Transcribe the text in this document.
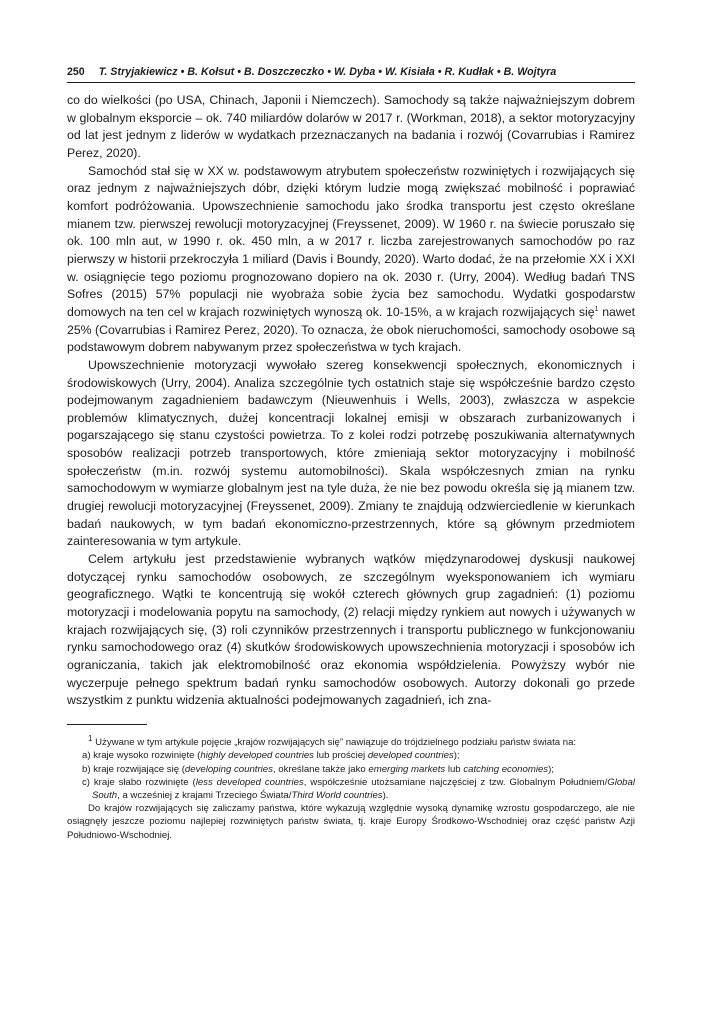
250 T. Stryjakiewicz • B. Kołsut • B. Doszczeczko • W. Dyba • W. Kisiała • R. Kudłak • B. Wojtyra

co do wielkości (po USA, Chinach, Japonii i Niemczech). Samochody są także najważniejszym dobrem w globalnym eksporcie – ok. 740 miliardów dolarów w 2017 r. (Workman, 2018), a sektor motoryzacyjny od lat jest jednym z liderów w wydatkach przeznaczanych na badania i rozwój (Covarrubias i Ramirez Perez, 2020).

Samochód stał się w XX w. podstawowym atrybutem społeczeństw rozwiniętych i rozwijających się oraz jednym z najważniejszych dóbr, dzięki którym ludzie mogą zwiększać mobilność i poprawiać komfort podróżowania. Upowszechnienie samochodu jako środka transportu jest często określane mianem tzw. pierwszej rewolucji motoryzacyjnej (Freyssenet, 2009). W 1960 r. na świecie poruszało się ok. 100 mln aut, w 1990 r. ok. 450 mln, a w 2017 r. liczba zarejestrowanych samochodów po raz pierwszy w historii przekroczyła 1 miliard (Davis i Boundy, 2020). Warto dodać, że na przełomie XX i XXI w. osiągnięcie tego poziomu prognozowano dopiero na ok. 2030 r. (Urry, 2004). Według badań TNS Sofres (2015) 57% populacji nie wyobraża sobie życia bez samochodu. Wydatki gospodarstw domowych na ten cel w krajach rozwiniętych wynoszą ok. 10-15%, a w krajach rozwijających się$^1$ nawet 25% (Covarrubias i Ramirez Perez, 2020). To oznacza, że obok nieruchomości, samochody osobowe są podstawowym dobrem nabywanym przez społeczeństwa w tych krajach.

Upowszechnienie motoryzacji wywołało szereg konsekwencji społecznych, ekonomicznych i środowiskowych (Urry, 2004). Analiza szczególnie tych ostatnich staje się współcześnie bardzo często podejmowanym zagadnieniem badawczym (Nieuwenhuis i Wells, 2003), zwłaszcza w aspekcie problemów klimatycznych, dużej koncentracji lokalnej emisji w obszarach zurbanizowanych i pogarszającego się stanu czystości powietrza. To z kolei rodzi potrzebę poszukiwania alternatywnych sposobów realizacji potrzeb transportowych, które zmieniają sektor motoryzacyjny i mobilność społeczeństw (m.in. rozwój systemu automobilności). Skala współczesnych zmian na rynku samochodowym w wymiarze globalnym jest na tyle duża, że nie bez powodu określa się ją mianem tzw. drugiej rewolucji motoryzacyjnej (Freyssenet, 2009). Zmiany te znajdują odzwierciedlenie w kierunkach badań naukowych, w tym badań ekonomiczno-przestrzennych, które są głównym przedmiotem zainteresowania w tym artykule.

Celem artykułu jest przedstawienie wybranych wątków międzynarodowej dyskusji naukowej dotyczącej rynku samochodów osobowych, ze szczególnym wyeksponowaniem ich wymiaru geograficznego. Wątki te koncentrują się wokół czterech głównych grup zagadnień: (1) poziomu motoryzacji i modelowania popytu na samochody, (2) relacji między rynkiem aut nowych i używanych w krajach rozwijających się, (3) roli czynników przestrzennych i transportu publicznego w funkcjonowaniu rynku samochodowego oraz (4) skutków środowiskowych upowszechnienia motoryzacji i sposobów ich ograniczania, takich jak elektromobilność oraz ekonomia współdzielenia. Powyższy wybór nie wyczerpuje pełnego spektrum badań rynku samochodów osobowych. Autorzy dokonali go przede wszystkim z punktu widzenia aktualności podejmowanych zagadnień, ich zna-

$^1$ Używane w tym artykule pojęcie „krajów rozwijających się” nawiązuje do trójdzielnego podziału państw świata na:

a) kraje wysoko rozwinięte (highly developed countries lub prościej developed countries);

b) kraje rozwijające się (developing countries, określane także jako emerging markets lub catching economies);

c) kraje słabo rozwinięte (less developed countries, współcześnie utożsamiane najczęściej z tzw. Globalnym Południem/Global South, a wcześniej z krajami Trzeciego Świata/Third World countries).

Do krajów rozwijających się zaliczamy państwa, które wykazują względnie wysoką dynamikę wzrostu gospodarczego, ale nie osiągnęły jeszcze poziomu najlepiej rozwiniętych państw świata, tj. kraje Europy Środkowo-Wschodniej oraz część państw Azji Południowo-Wschodniej.
